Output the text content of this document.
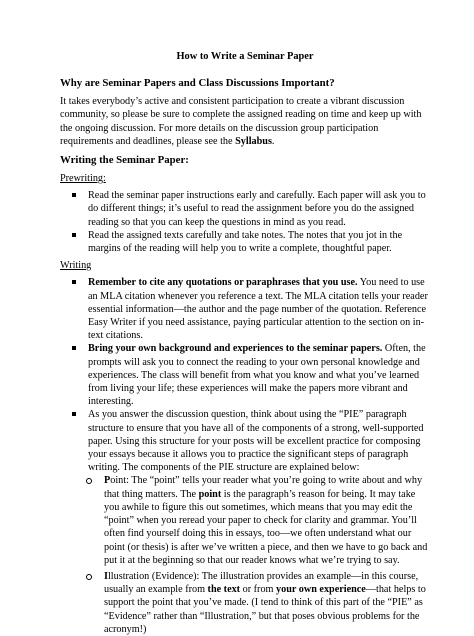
How to Write a Seminar Paper

Why are Seminar Papers and Class Discussions Important?

It takes everybody’s active and consistent participation to create a vibrant discussion community, so please be sure to complete the assigned reading on time and keep up with the ongoing discussion. For more details on the discussion group participation requirements and deadlines, please see the Syllabus.

Writing the Seminar Paper:

Prewriting:

Read the seminar paper instructions early and carefully. Each paper will ask you to do different things; it’s useful to read the assignment before you do the assigned reading so that you can keep the questions in mind as you read.
Read the assigned texts carefully and take notes. The notes that you jot in the margins of the reading will help you to write a complete, thoughtful paper.

Writing

Remember to cite any quotations or paraphrases that you use. You need to use an MLA citation whenever you reference a text. The MLA citation tells your reader essential information—the author and the page number of the quotation. Reference Easy Writer if you need assistance, paying particular attention to the section on in-text citations.
Bring your own background and experiences to the seminar papers. Often, the prompts will ask you to connect the reading to your own personal knowledge and experiences. The class will benefit from what you know and what you’ve learned from living your life; these experiences will make the papers more vibrant and interesting.
As you answer the discussion question, think about using the “PIE” paragraph structure to ensure that you have all of the components of a strong, well-supported paper. Using this structure for your posts will be excellent practice for composing your essays because it allows you to practice the significant steps of paragraph writing. The components of the PIE structure are explained below:
Point: The “point” tells your reader what you’re going to write about and why that thing matters. The point is the paragraph’s reason for being. It may take you awhile to figure this out sometimes, which means that you may edit the “point” when you reread your paper to check for clarity and grammar. You’ll often find yourself doing this in essays, too—we often understand what our point (or thesis) is after we’ve written a piece, and then we have to go back and put it at the beginning so that our reader knows what we’re trying to say.
Illustration (Evidence): The illustration provides an example—in this course, usually an example from the text or from your own experience—that helps to support the point that you’ve made. (I tend to think of this part of the “PIE” as “Evidence” rather than “Illustration,” but that poses obvious problems for the acronym!)
